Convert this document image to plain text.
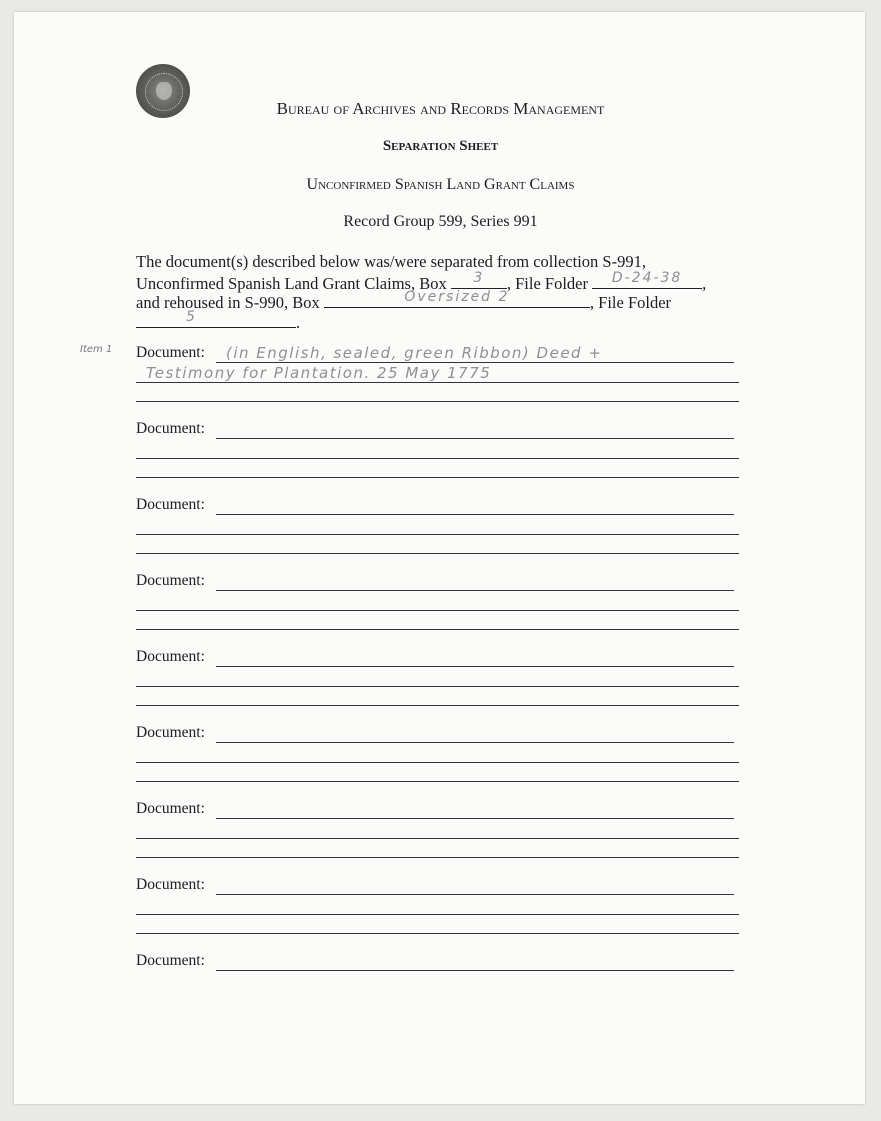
Bureau of Archives and Records Management
Separation Sheet
Unconfirmed Spanish Land Grant Claims
Record Group 599, Series 991
The document(s) described below was/were separated from collection S-991,
Unconfirmed Spanish Land Grant Claims, Box	3	, File Folder	D-24-38	,
and rehoused in S-990, Box	Oversized 2	, File Folder
5	.
Item 1 Document: (in English, sealed, green Ribbon) Deed +
Testimony for Plantation. 25 May 1775
Document:
Document:
Document:
Document:
Document:
Document:
Document:
Document:
